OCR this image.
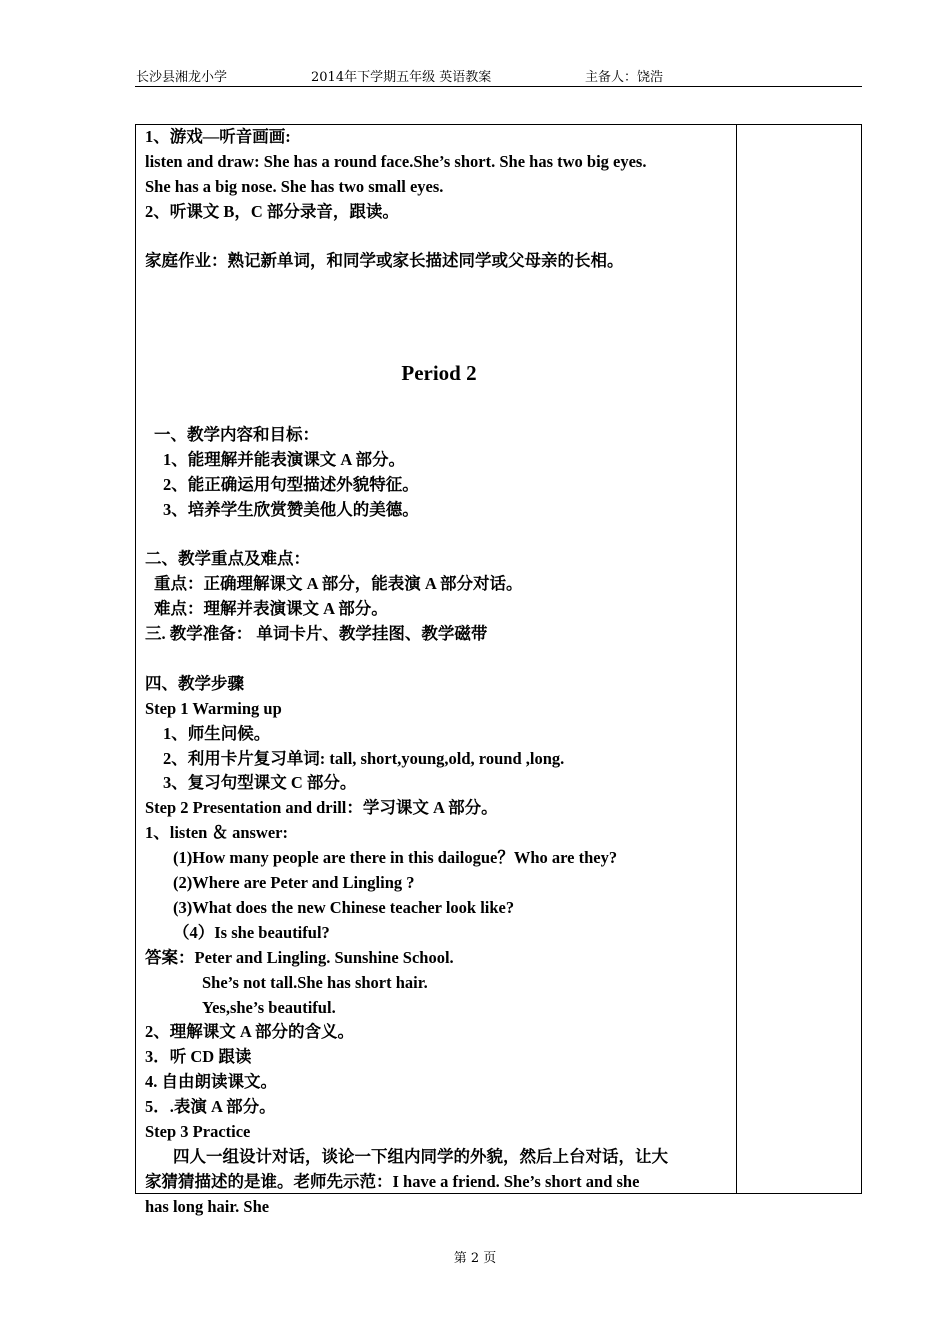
长沙县湘龙小学	2014年下学期五年级 英语教案	主备人：饶浩
1、游戏—听音画画:
listen and draw: She has a round face.She’s short. She has two big eyes.
She has a big nose. She has two small eyes.
2、听课文 B，C 部分录音，跟读。
家庭作业：熟记新单词，和同学或家长描述同学或父母亲的长相。
Period 2
一、教学内容和目标：
1、能理解并能表演课文 A 部分。
2、能正确运用句型描述外貌特征。
3、培养学生欣赏赞美他人的美德。
二、教学重点及难点：
重点：正确理解课文 A 部分，能表演 A 部分对话。
难点：理解并表演课文 A 部分。
三. 教学准备： 单词卡片、教学挂图、教学磁带
四、教学步骤
Step 1 Warming up
1、师生问候。
2、利用卡片复习单词: tall, short,young,old, round ,long.
3、复习句型课文 C 部分。
Step 2 Presentation and drill：学习课文 A 部分。
1、listen ＆ answer:
(1)How many people are there in this dailogue？Who are they?
(2)Where are Peter and Lingling ?
(3)What does the new Chinese teacher look like?
（4）Is she beautiful?
答案：Peter and Lingling. Sunshine School.
She’s not tall.She has short hair.
Yes,she’s beautiful.
2、理解课文 A 部分的含义。
3．听 CD 跟读
4. 自由朗读课文。
5．.表演 A 部分。
Step 3 Practice
四人一组设计对话，谈论一下组内同学的外貌，然后上台对话，让大
家猜猜描述的是谁。老师先示范：I have a friend. She’s short and she
has long hair. She
第 2 页
